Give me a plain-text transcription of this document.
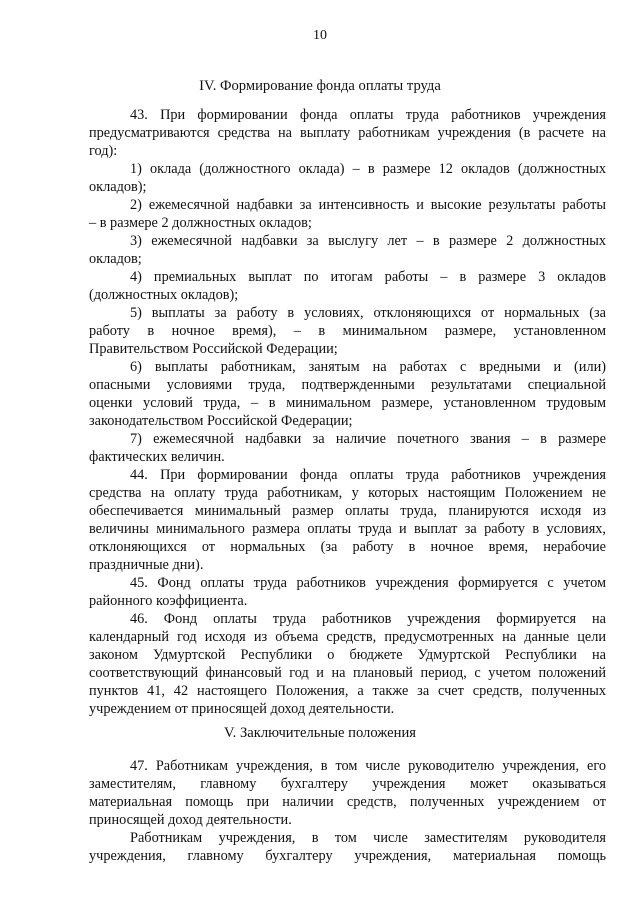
10
IV. Формирование фонда оплаты труда
43. При формировании фонда оплаты труда работников учреждения
предусматриваются средства на выплату работникам учреждения (в расчете на
год):
1) оклада (должностного оклада) – в размере 12 окладов (должностных
окладов);
2) ежемесячной надбавки за интенсивность и высокие результаты работы
– в размере 2 должностных окладов;
3) ежемесячной надбавки за выслугу лет – в размере 2 должностных
окладов;
4) премиальных выплат по итогам работы – в размере 3 окладов
(должностных окладов);
5) выплаты за работу в условиях, отклоняющихся от нормальных (за
работу в ночное время), – в минимальном размере, установленном
Правительством Российской Федерации;
6) выплаты работникам, занятым на работах с вредными и (или)
опасными условиями труда, подтвержденными результатами специальной
оценки условий труда, – в минимальном размере, установленном трудовым
законодательством Российской Федерации;
7) ежемесячной надбавки за наличие почетного звания – в размере
фактических величин.
44. При формировании фонда оплаты труда работников учреждения
средства на оплату труда работникам, у которых настоящим Положением не
обеспечивается минимальный размер оплаты труда, планируются исходя из
величины минимального размера оплаты труда и выплат за работу в условиях,
отклоняющихся от нормальных (за работу в ночное время, нерабочие
праздничные дни).
45. Фонд оплаты труда работников учреждения формируется с учетом
районного коэффициента.
46. Фонд оплаты труда работников учреждения формируется на
календарный год исходя из объема средств, предусмотренных на данные цели
законом Удмуртской Республики о бюджете Удмуртской Республики на
соответствующий финансовый год и на плановый период, с учетом положений
пунктов 41, 42 настоящего Положения, а также за счет средств, полученных
учреждением от приносящей доход деятельности.
V. Заключительные положения
47. Работникам учреждения, в том числе руководителю учреждения, его
заместителям, главному бухгалтеру учреждения может оказываться
материальная помощь при наличии средств, полученных учреждением от
приносящей доход деятельности.
Работникам учреждения, в том числе заместителям руководителя
учреждения, главному бухгалтеру учреждения, материальная помощь
